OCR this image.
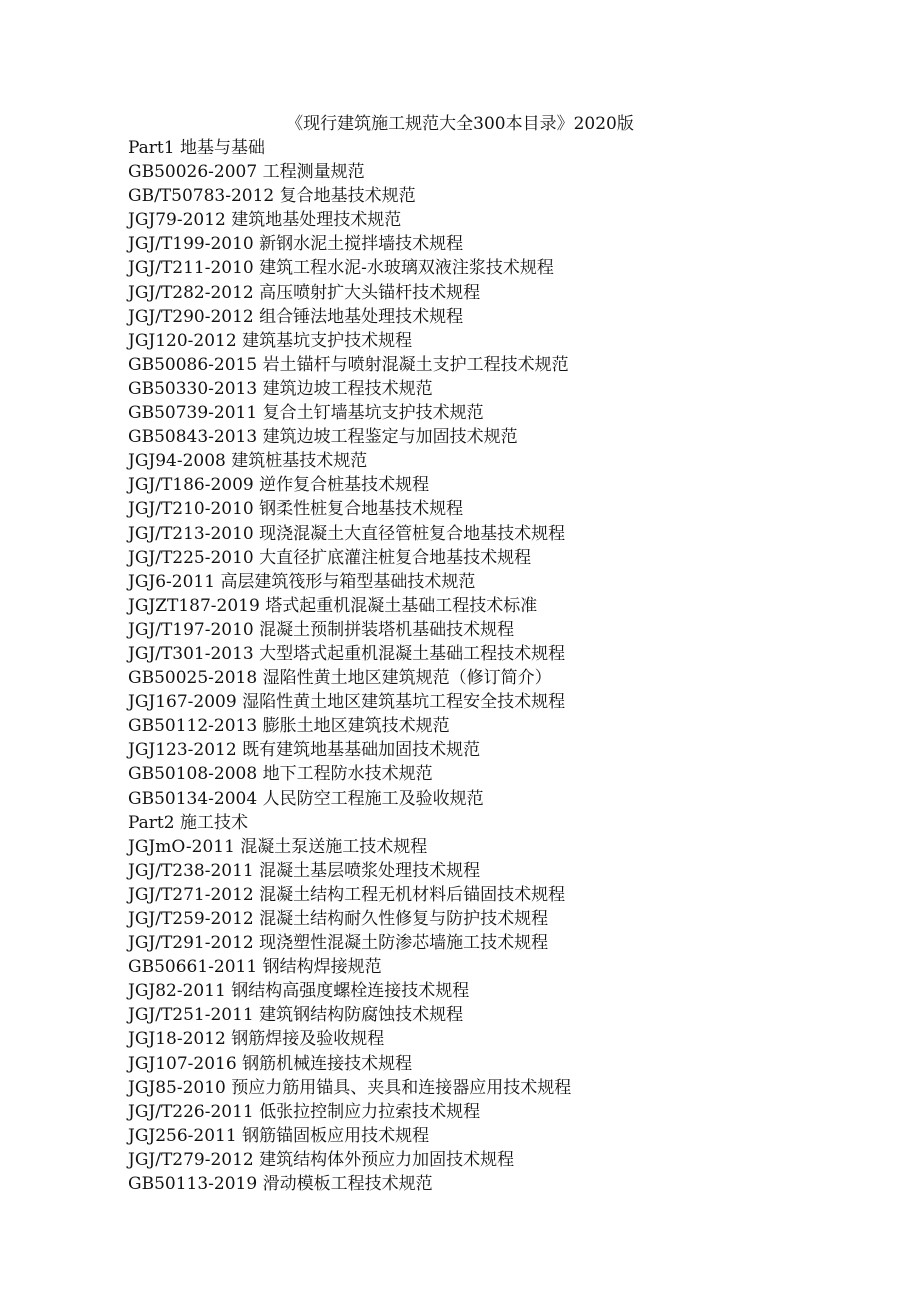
《现行建筑施工规范大全300本目录》2020版
Part1 地基与基础
GB50026-2007 工程测量规范
GB/T50783-2012 复合地基技术规范
JGJ79-2012 建筑地基处理技术规范
JGJ/T199-2010 新钢水泥土搅拌墙技术规程
JGJ/T211-2010 建筑工程水泥-水玻璃双液注浆技术规程
JGJ/T282-2012 高压喷射扩大头锚杆技术规程
JGJ/T290-2012 组合锤法地基处理技术规程
JGJ120-2012 建筑基坑支护技术规程
GB50086-2015 岩土锚杆与喷射混凝土支护工程技术规范
GB50330-2013 建筑边坡工程技术规范
GB50739-2011 复合土钉墙基坑支护技术规范
GB50843-2013 建筑边坡工程鉴定与加固技术规范
JGJ94-2008 建筑桩基技术规范
JGJ/T186-2009 逆作复合桩基技术规程
JGJ/T210-2010 钢柔性桩复合地基技术规程
JGJ/T213-2010 现浇混凝土大直径管桩复合地基技术规程
JGJ/T225-2010 大直径扩底灌注桩复合地基技术规程
JGJ6-2011 高层建筑筏形与箱型基础技术规范
JGJZT187-2019 塔式起重机混凝土基础工程技术标准
JGJ/T197-2010 混凝土预制拼装塔机基础技术规程
JGJ/T301-2013 大型塔式起重机混凝土基础工程技术规程
GB50025-2018 湿陷性黄土地区建筑规范（修订简介）
JGJ167-2009 湿陷性黄土地区建筑基坑工程安全技术规程
GB50112-2013 膨胀土地区建筑技术规范
JGJ123-2012 既有建筑地基基础加固技术规范
GB50108-2008 地下工程防水技术规范
GB50134-2004 人民防空工程施工及验收规范
Part2 施工技术
JGJmO-2011 混凝土泵送施工技术规程
JGJ/T238-2011 混凝土基层喷浆处理技术规程
JGJ/T271-2012 混凝土结构工程无机材料后锚固技术规程
JGJ/T259-2012 混凝土结构耐久性修复与防护技术规程
JGJ/T291-2012 现浇塑性混凝土防渗芯墙施工技术规程
GB50661-2011 钢结构焊接规范
JGJ82-2011 钢结构高强度螺栓连接技术规程
JGJ/T251-2011 建筑钢结构防腐蚀技术规程
JGJ18-2012 钢筋焊接及验收规程
JGJ107-2016 钢筋机械连接技术规程
JGJ85-2010 预应力筋用锚具、夹具和连接器应用技术规程
JGJ/T226-2011 低张拉控制应力拉索技术规程
JGJ256-2011 钢筋锚固板应用技术规程
JGJ/T279-2012 建筑结构体外预应力加固技术规程
GB50113-2019 滑动模板工程技术规范
